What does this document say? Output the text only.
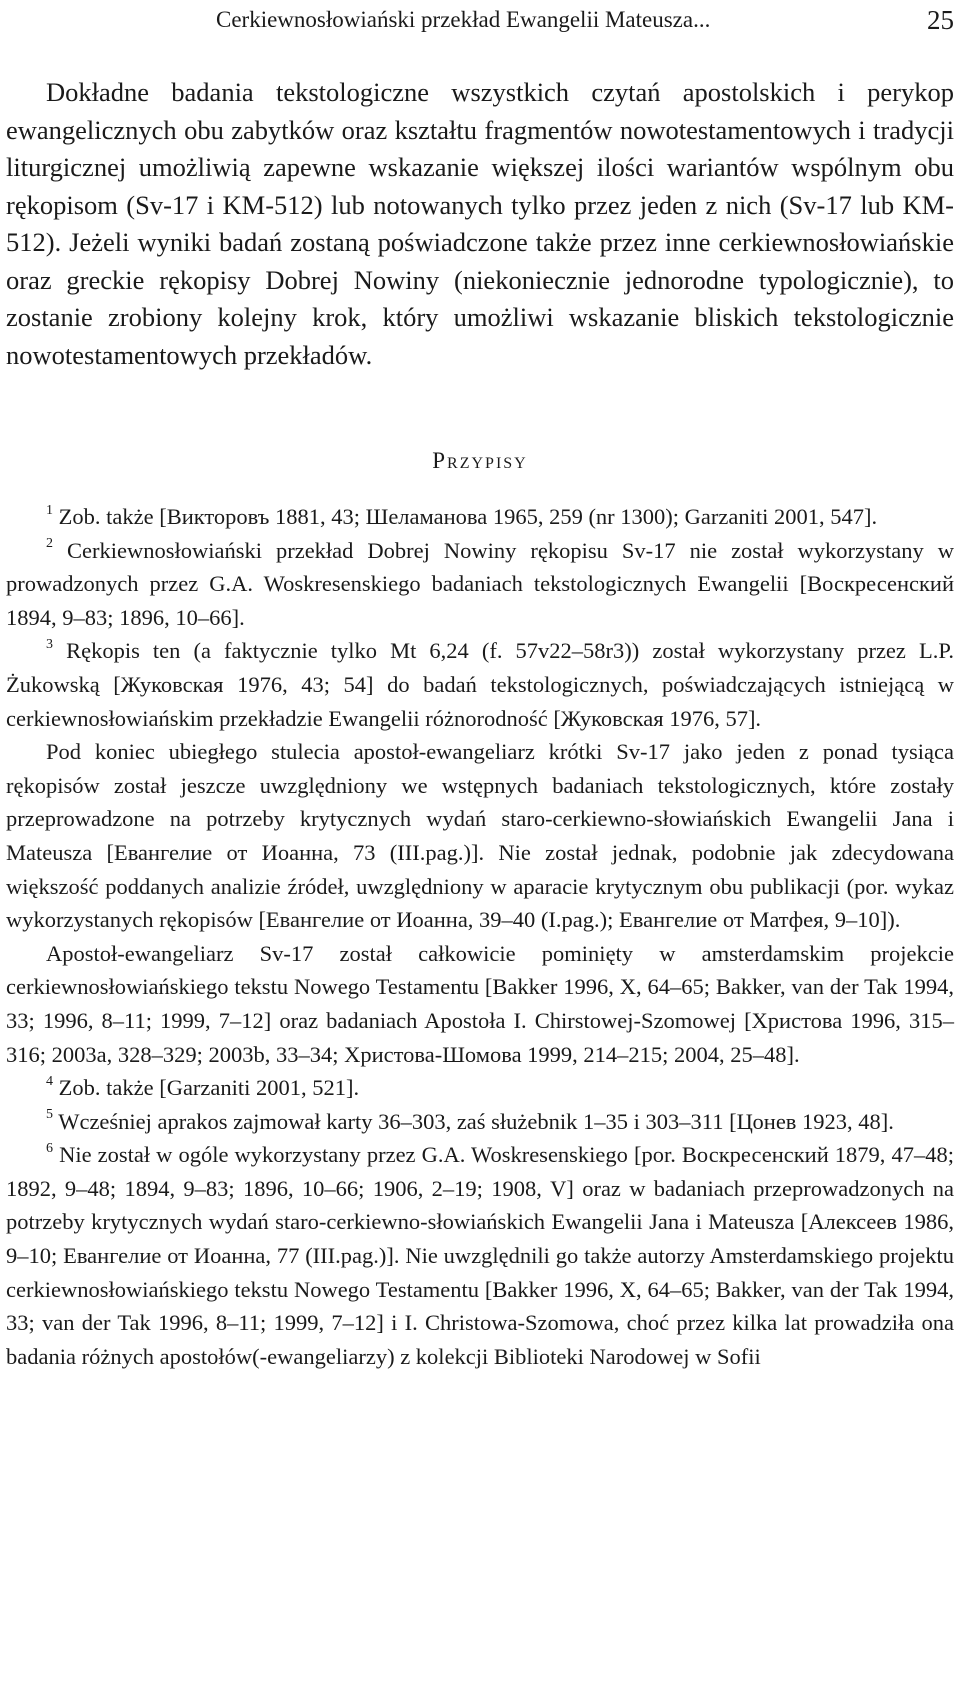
Cerkiewnosłowiański przekład Ewangelii Mateusza...	25

Dokładne badania tekstologiczne wszystkich czytań apostolskich i perykop ewangelicznych obu zabytków oraz kształtu fragmentów nowotestamentowych i tradycji liturgicznej umożliwią zapewne wskazanie większej ilości wariantów wspólnym obu rękopisom (Sv-17 i KM-512) lub notowanych tylko przez jeden z nich (Sv-17 lub KM-512). Jeżeli wyniki badań zostaną poświadczone także przez inne cerkiewnosłowiańskie oraz greckie rękopisy Dobrej Nowiny (niekoniecznie jednorodne typologicznie), to zostanie zrobiony kolejny krok, który umożliwi wskazanie bliskich tekstologicznie nowotestamentowych przekładów.

Przypisy

$^1$ Zob. także [Викторовъ 1881, 43; Шеламанова 1965, 259 (nr 1300); Garzaniti 2001, 547].

$^2$ Cerkiewnosłowiański przekład Dobrej Nowiny rękopisu Sv-17 nie został wykorzystany w prowadzonych przez G.A. Woskresenskiego badaniach tekstologicznych Ewangelii [Воскресенский 1894, 9–83; 1896, 10–66].

$^3$ Rękopis ten (a faktycznie tylko Mt 6,24 (f. 57v22–58r3)) został wykorzystany przez L.P. Żukowską [Жуковская 1976, 43; 54] do badań tekstologicznych, poświadczających istniejącą w cerkiewnosłowiańskim przekładzie Ewangelii różnorodność [Жуковская 1976, 57].

Pod koniec ubiegłego stulecia apostoł-ewangeliarz krótki Sv-17 jako jeden z ponad tysiąca rękopisów został jeszcze uwzględniony we wstępnych badaniach tekstologicznych, które zostały przeprowadzone na potrzeby krytycznych wydań staro-cerkiewno-słowiańskich Ewangelii Jana i Mateusza [Евангелие от Иоанна, 73 (III.pag.)]. Nie został jednak, podobnie jak zdecydowana większość poddanych analizie źródeł, uwzględniony w aparacie krytycznym obu publikacji (por. wykaz wykorzystanych rękopisów [Евангелие от Иоанна, 39–40 (I.pag.); Евангелие от Матфея, 9–10]).

Apostoł-ewangeliarz Sv-17 został całkowicie pominięty w amsterdamskim projekcie cerkiewnosłowiańskiego tekstu Nowego Testamentu [Bakker 1996, X, 64–65; Bakker, van der Tak 1994, 33; 1996, 8–11; 1999, 7–12] oraz badaniach Apostoła I. Chirstowej-Szomowej [Христова 1996, 315–316; 2003a, 328–329; 2003b, 33–34; Христова-Шомова 1999, 214–215; 2004, 25–48].

$^4$ Zob. także [Garzaniti 2001, 521].

$^5$ Wcześniej aprakos zajmował karty 36–303, zaś służebnik 1–35 i 303–311 [Цонев 1923, 48].

$^6$ Nie został w ogóle wykorzystany przez G.A. Woskresenskiego [por. Воскресенский 1879, 47–48; 1892, 9–48; 1894, 9–83; 1896, 10–66; 1906, 2–19; 1908, V] oraz w badaniach przeprowadzonych na potrzeby krytycznych wydań staro-cerkiewno-słowiańskich Ewangelii Jana i Mateusza [Алексеев 1986, 9–10; Евангелие от Иоанна, 77 (III.pag.)]. Nie uwzględnili go także autorzy Amsterdamskiego projektu cerkiewnosłowiańskiego tekstu Nowego Testamentu [Bakker 1996, X, 64–65; Bakker, van der Tak 1994, 33; van der Tak 1996, 8–11; 1999, 7–12] i I. Christowa-Szomowa, choć przez kilka lat prowadziła ona badania różnych apostołów(-ewangeliarzy) z kolekcji Biblioteki Narodowej w Sofii
